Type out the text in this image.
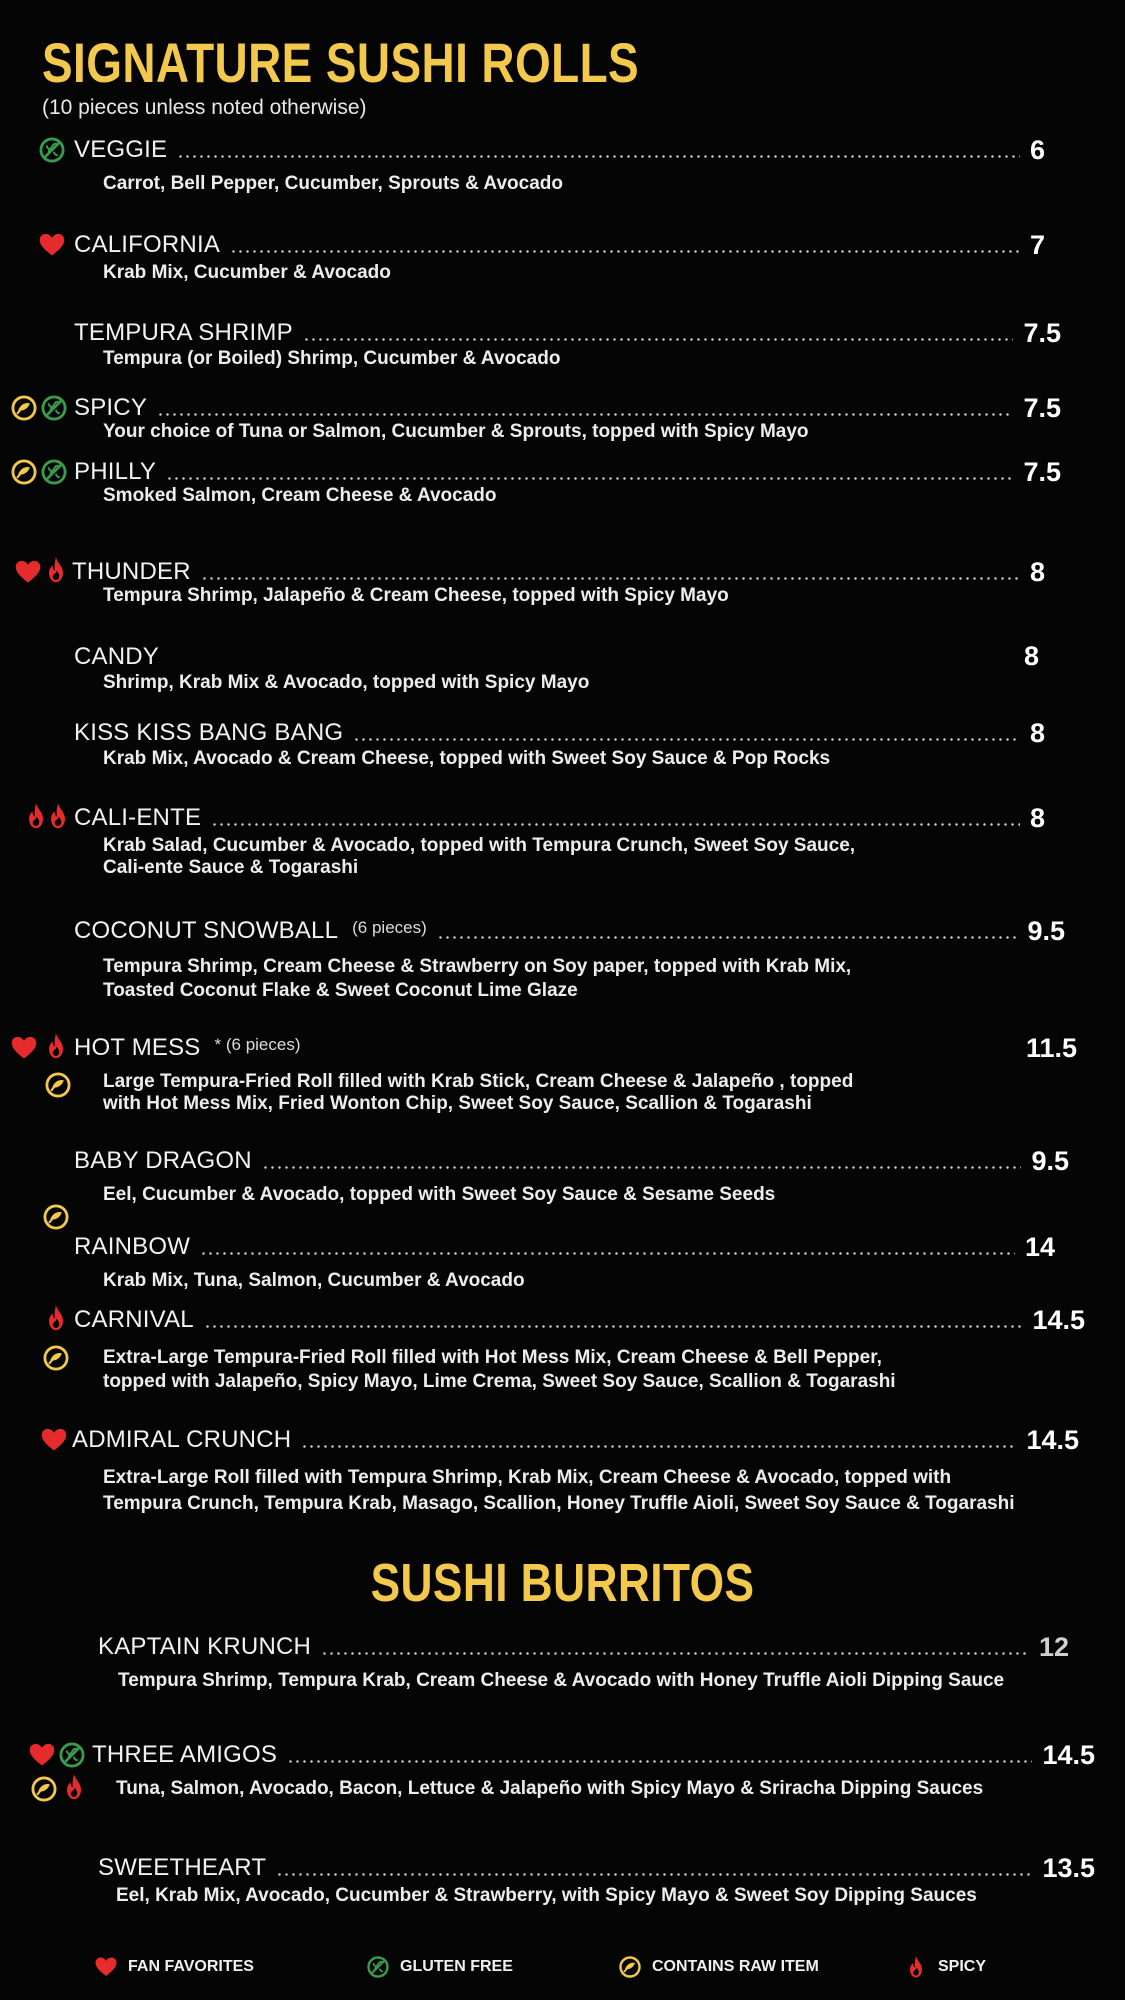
SIGNATURE SUSHI ROLLS
(10 pieces unless noted otherwise)
VEGGIE	6
Carrot, Bell Pepper, Cucumber, Sprouts & Avocado
CALIFORNIA	7
Krab Mix, Cucumber & Avocado
TEMPURA SHRIMP	7.5
Tempura (or Boiled) Shrimp, Cucumber & Avocado
SPICY	7.5
Your choice of Tuna or Salmon, Cucumber & Sprouts, topped with Spicy Mayo
PHILLY	7.5
Smoked Salmon, Cream Cheese & Avocado
THUNDER	8
Tempura Shrimp, Jalapeño & Cream Cheese, topped with Spicy Mayo
CANDY	8
Shrimp, Krab Mix & Avocado, topped with Spicy Mayo
KISS KISS BANG BANG	8
Krab Mix, Avocado & Cream Cheese, topped with Sweet Soy Sauce & Pop Rocks
CALI-ENTE	8
Krab Salad, Cucumber & Avocado, topped with Tempura Crunch, Sweet Soy Sauce,
Cali-ente Sauce & Togarashi
COCONUT SNOWBALL (6 pieces)	9.5
Tempura Shrimp, Cream Cheese & Strawberry on Soy paper, topped with Krab Mix,
Toasted Coconut Flake & Sweet Coconut Lime Glaze
HOT MESS * (6 pieces)	11.5
Large Tempura-Fried Roll filled with Krab Stick, Cream Cheese & Jalapeño , topped
with Hot Mess Mix, Fried Wonton Chip, Sweet Soy Sauce, Scallion & Togarashi
BABY DRAGON	9.5
Eel, Cucumber & Avocado, topped with Sweet Soy Sauce & Sesame Seeds
RAINBOW	14
Krab Mix, Tuna, Salmon, Cucumber & Avocado
CARNIVAL	14.5
Extra-Large Tempura-Fried Roll filled with Hot Mess Mix, Cream Cheese & Bell Pepper,
topped with Jalapeño, Spicy Mayo, Lime Crema, Sweet Soy Sauce, Scallion & Togarashi
ADMIRAL CRUNCH	14.5
Extra-Large Roll filled with Tempura Shrimp, Krab Mix, Cream Cheese & Avocado, topped with
Tempura Crunch, Tempura Krab, Masago, Scallion, Honey Truffle Aioli, Sweet Soy Sauce & Togarashi
SUSHI BURRITOS
KAPTAIN KRUNCH	12
Tempura Shrimp, Tempura Krab, Cream Cheese & Avocado with Honey Truffle Aioli Dipping Sauce
THREE AMIGOS	14.5
Tuna, Salmon, Avocado, Bacon, Lettuce & Jalapeño with Spicy Mayo & Sriracha Dipping Sauces
SWEETHEART	13.5
Eel, Krab Mix, Avocado, Cucumber & Strawberry, with Spicy Mayo & Sweet Soy Dipping Sauces
FAN FAVORITES	GLUTEN FREE	CONTAINS RAW ITEM	SPICY
